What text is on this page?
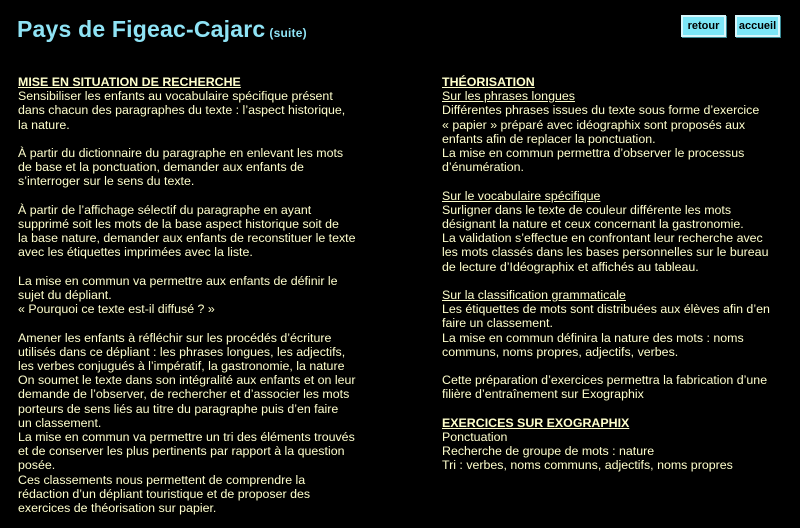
Pays de Figeac-Cajarc (suite)	retour	accueil

MISE EN SITUATION DE RECHERCHE

Sensibiliser les enfants au vocabulaire spécifique présent

dans chacun des paragraphes du texte : l’aspect historique,

la nature.

À partir du dictionnaire du paragraphe en enlevant les mots

de base et la ponctuation, demander aux enfants de

s’interroger sur le sens du texte.

À partir de l’affichage sélectif du paragraphe en ayant

supprimé soit les mots de la base aspect historique soit de

la base nature, demander aux enfants de reconstituer le texte

avec les étiquettes imprimées avec la liste.

La mise en commun va permettre aux enfants de définir le

sujet du dépliant.

« Pourquoi ce texte est-il diffusé ? »

Amener les enfants à réfléchir sur les procédés d’écriture

utilisés dans ce dépliant : les phrases longues, les adjectifs,

les verbes conjugués à l’impératif, la gastronomie, la nature

On soumet le texte dans son intégralité aux enfants et on leur

demande de l’observer, de rechercher et d’associer les mots

porteurs de sens liés au titre du paragraphe puis d’en faire

un classement.

La mise en commun va permettre un tri des éléments trouvés

et de conserver les plus pertinents par rapport à la question

posée.

Ces classements nous permettent de comprendre la

rédaction d’un dépliant touristique et de proposer des

exercices de théorisation sur papier.

THÉORISATION

Sur les phrases longues

Différentes phrases issues du texte sous forme d’exercice

« papier » préparé avec idéographix sont proposés aux

enfants afin de replacer la ponctuation.

La mise en commun permettra d’observer le processus

d’énumération.

Sur le vocabulaire spécifique

Surligner dans le texte de couleur différente les mots

désignant la nature et ceux concernant la gastronomie.

La validation s’effectue en confrontant leur recherche avec

les mots classés dans les bases personnelles sur le bureau

de lecture d’Idéographix et affichés au tableau.

Sur la classification grammaticale

Les étiquettes de mots sont distribuées aux élèves afin d’en

faire un classement.

La mise en commun définira la nature des mots : noms

communs, noms propres, adjectifs, verbes.

Cette préparation d’exercices permettra la fabrication d’une

filière d’entraînement sur Exographix

EXERCICES SUR EXOGRAPHIX

Ponctuation

Recherche de groupe de mots : nature

Tri : verbes, noms communs, adjectifs, noms propres
